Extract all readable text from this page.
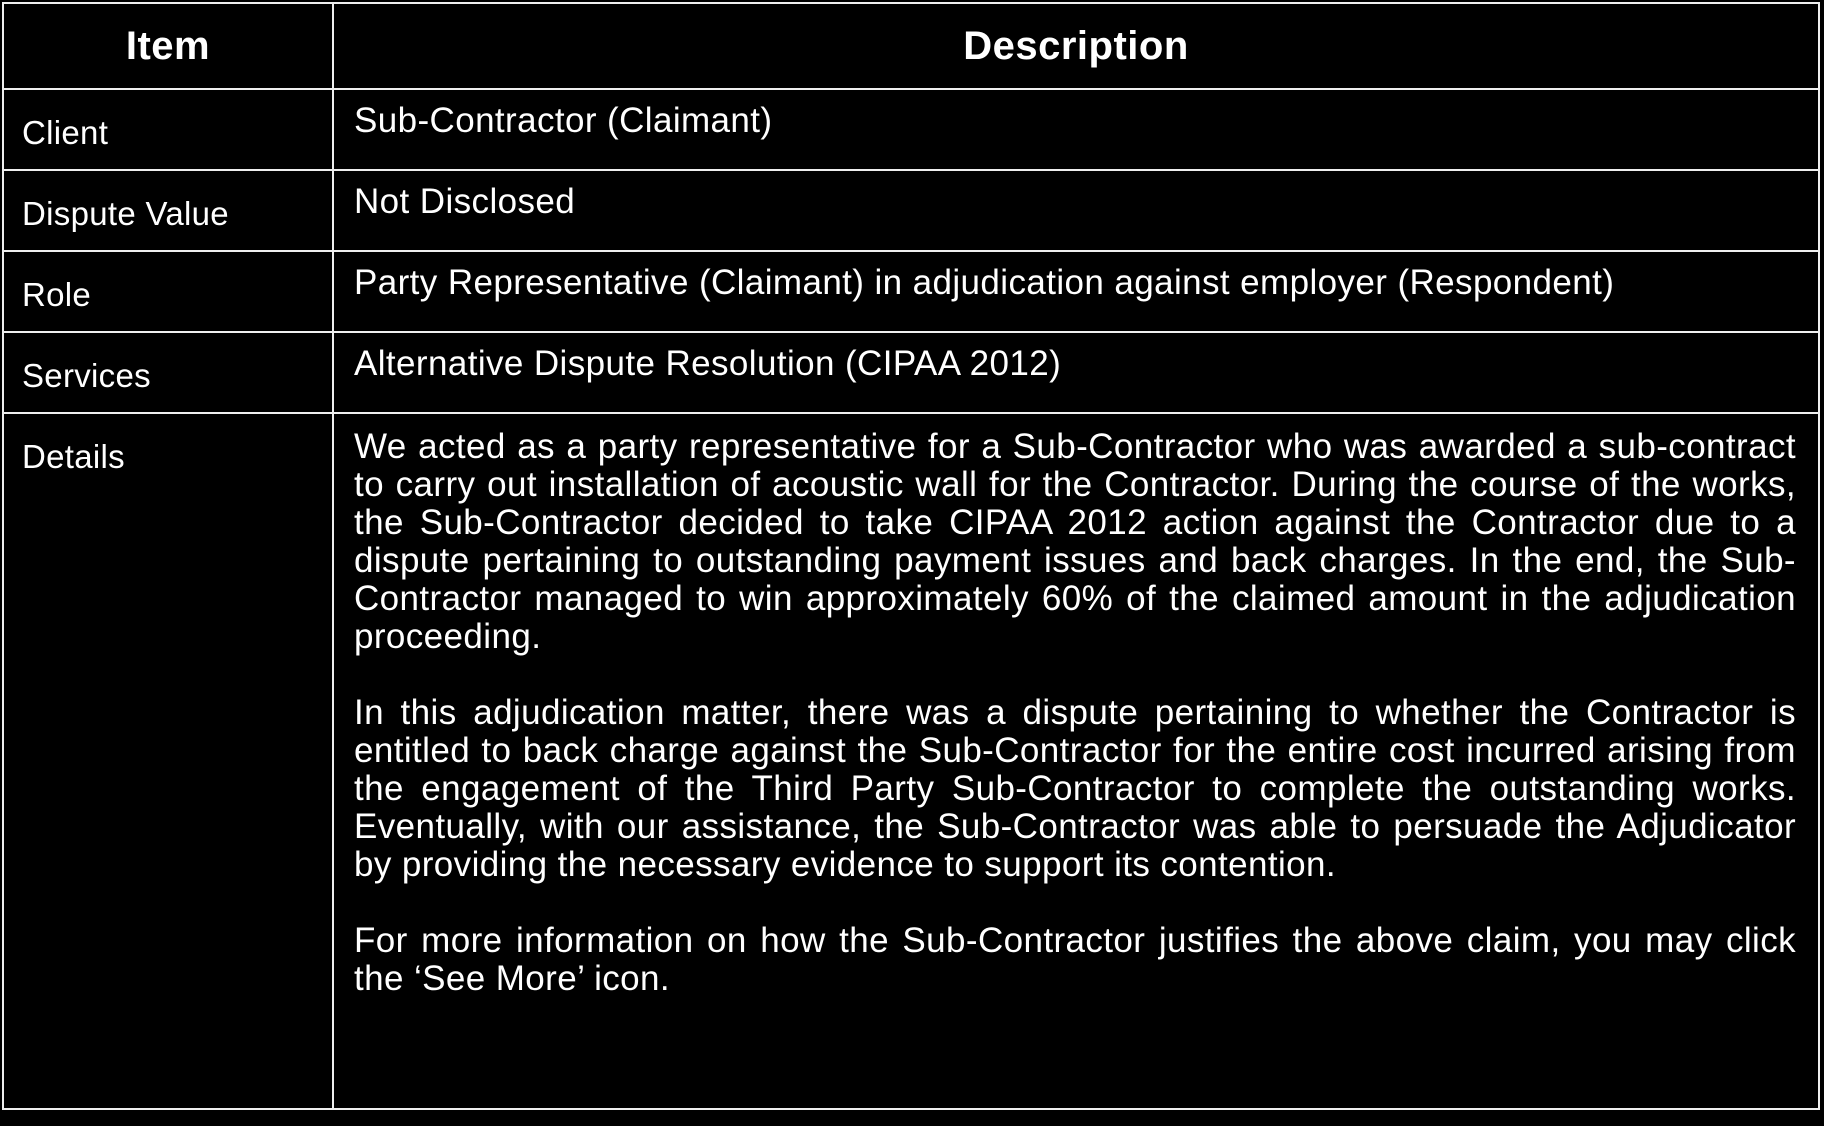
Item	Description
Client	Sub-Contractor (Claimant)
Dispute Value	Not Disclosed
Role	Party Representative (Claimant) in adjudication against employer (Respondent)
Services	Alternative Dispute Resolution (CIPAA 2012)
Details	We acted as a party representative for a Sub-Contractor who was awarded a sub-contract to carry out installation of acoustic wall for the Contractor. During the course of the works, the Sub-Contractor decided to take CIPAA 2012 action against the Contractor due to a dispute pertaining to outstanding payment issues and back charges. In the end, the Sub-Contractor managed to win approximately 60% of the claimed amount in the adjudication proceeding.

In this adjudication matter, there was a dispute pertaining to whether the Contractor is entitled to back charge against the Sub-Contractor for the entire cost incurred arising from the engagement of the Third Party Sub-Contractor to complete the outstanding works. Eventually, with our assistance, the Sub-Contractor was able to persuade the Adjudicator by providing the necessary evidence to support its contention.

For more information on how the Sub-Contractor justifies the above claim, you may click the ‘See More’ icon.
